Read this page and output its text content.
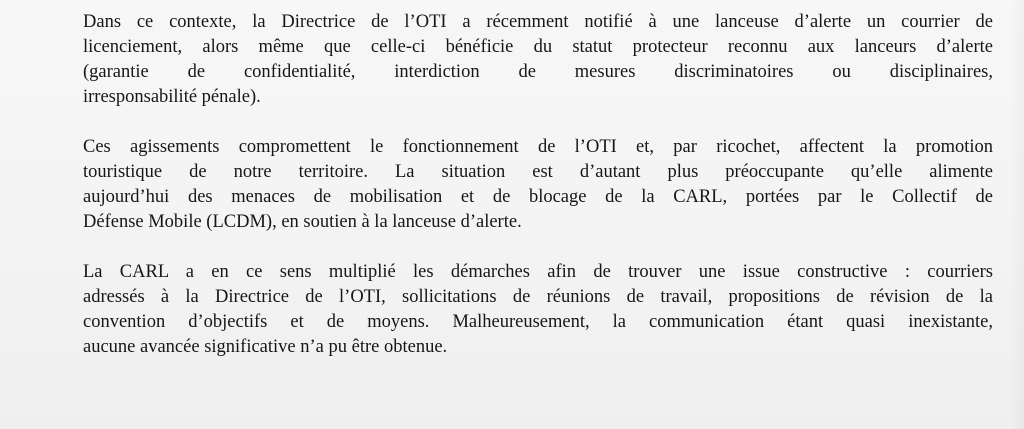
Dans ce contexte, la Directrice de l’OTI a récemment notifié à une lanceuse d’alerte un courrier de
licenciement, alors même que celle-ci bénéficie du statut protecteur reconnu aux lanceurs d’alerte
(garantie de confidentialité, interdiction de mesures discriminatoires ou disciplinaires,
irresponsabilité pénale).

Ces agissements compromettent le fonctionnement de l’OTI et, par ricochet, affectent la promotion
touristique de notre territoire. La situation est d’autant plus préoccupante qu’elle alimente
aujourd’hui des menaces de mobilisation et de blocage de la CARL, portées par le Collectif de
Défense Mobile (LCDM), en soutien à la lanceuse d’alerte.

La CARL a en ce sens multiplié les démarches afin de trouver une issue constructive : courriers
adressés à la Directrice de l’OTI, sollicitations de réunions de travail, propositions de révision de la
convention d’objectifs et de moyens. Malheureusement, la communication étant quasi inexistante,
aucune avancée significative n’a pu être obtenue.
